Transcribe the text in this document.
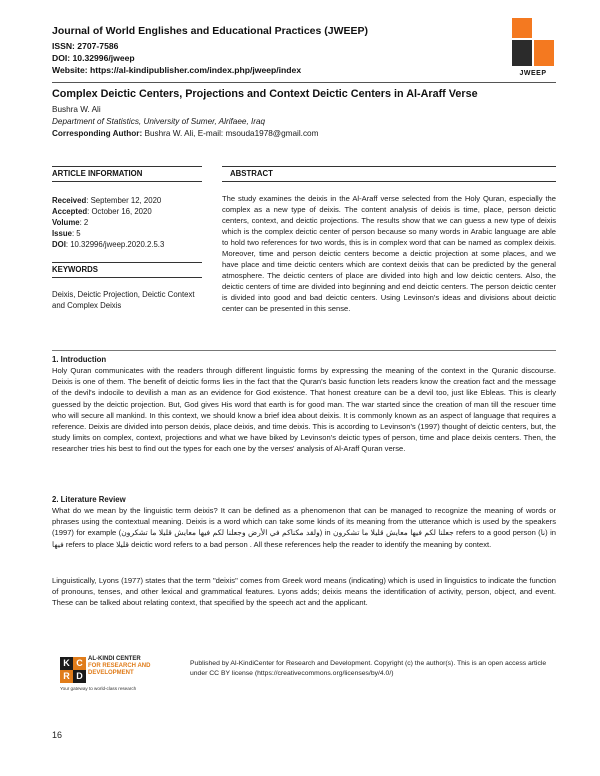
Journal of World Englishes and Educational Practices (JWEEP)
ISSN: 2707-7586
DOI: 10.32996/jweep
Website: https://al-kindipublisher.com/index.php/jweep/index	JWEEP
Complex Deictic Centers, Projections and Context Deictic Centers in Al-Araff Verse
Bushra W. Ali
Department of Statistics, University of Sumer, Alrifaee, Iraq
Corresponding Author: Bushra W. Ali, E-mail: msouda1978@gmail.com
ARTICLE INFORMATION	ABSTRACT
Received: September 12, 2020
Accepted: October 16, 2020
Volume: 2
Issue: 5
DOI: 10.32996/jweep.2020.2.5.3
KEYWORDS
Deixis, Deictic Projection, Deictic Context and Complex Deixis
The study examines the deixis in the Al-Araff verse selected from the Holy Quran, especially the complex as a new type of deixis. The content analysis of deixis is time, place, person deictic centers, context, and deictic projections. The results show that we can guess a new type of deixis which is the complex deictic center of person because so many words in Arabic language are able to hold two references for two words, this is in complex word that can be named as complex deixis. Moreover, time and person deictic centers become a deictic projection at some places, and we have place and time deictic centers which are context deixis that can be predicted by the general atmosphere. The deictic centers of place are divided into high and low deictic centers. Also, the deictic centers of time are divided into beginning and end deictic centers. The person deictic center is divided into good and bad deictic centers. Using Levinson's ideas and divisions about deictic center can be presented in this sense.
1. Introduction
Holy Quran communicates with the readers through different linguistic forms by expressing the meaning of the context in the Quranic discourse. Deixis is one of them. The benefit of deictic forms lies in the fact that the Quran's basic function lets readers know the creation fact and the message of the devil's indocile to devilish a man as an evidence for God existence. That honest creature can be a devil too, just like Ebleas. This is clearly guessed by the deictic projection. But, God gives His word that earth is for good man. The war started since the creation of man till the rescuer time who will secure all mankind. In this context, we should know a brief idea about deixis. It is commonly known as an aspect of language that requires a reference. Deixis are divided into person deixis, place deixis, and time deixis. This is according to Levinson's (1997) thought of deictic centers, but, the study limits on complex, context, projections and what we have biked by Levinson's deictic types of person, time and place deixis centers. Then, the researcher tries his best to find out the types for each one by the verses' analysis of Al-Araff Quran verse.
2. Literature Review
What do we mean by the linguistic term deixis? It can be defined as a phenomenon that can be managed to recognize the meaning of words or phrases using the contextual meaning. Deixis is a word which can take some kinds of its meaning from the utterance which is used by the speakers (1997) for example (ولقد مكناكم في الأرض وجعلنا لكم فيها معايش قليلا ما تشكرون) in جعلنا لكم فيها معايش قليلا ما تشكرون refers to a good person (نا) in فيها refers to place قليلا deictic word refers to a bad person . All these references help the reader to identify the meaning by context.
Linguistically, Lyons (1977) states that the term "deixis" comes from Greek word means (indicating) which is used in linguistics to indicate the function of pronouns, tenses, and other lexical and grammatical features. Lyons adds; deixis means the identification of activity, person, object, and event. These can be talked about relating context, that specified by the speech act and the applicant.
K C
R D
AL-KINDI CENTER
FOR RESEARCH AND
DEVELOPMENT
Your gateway to world-class research
Published by Al-KindiCenter for Research and Development. Copyright (c) the author(s). This is an open access article under CC BY license (https://creativecommons.org/licenses/by/4.0/)
16
